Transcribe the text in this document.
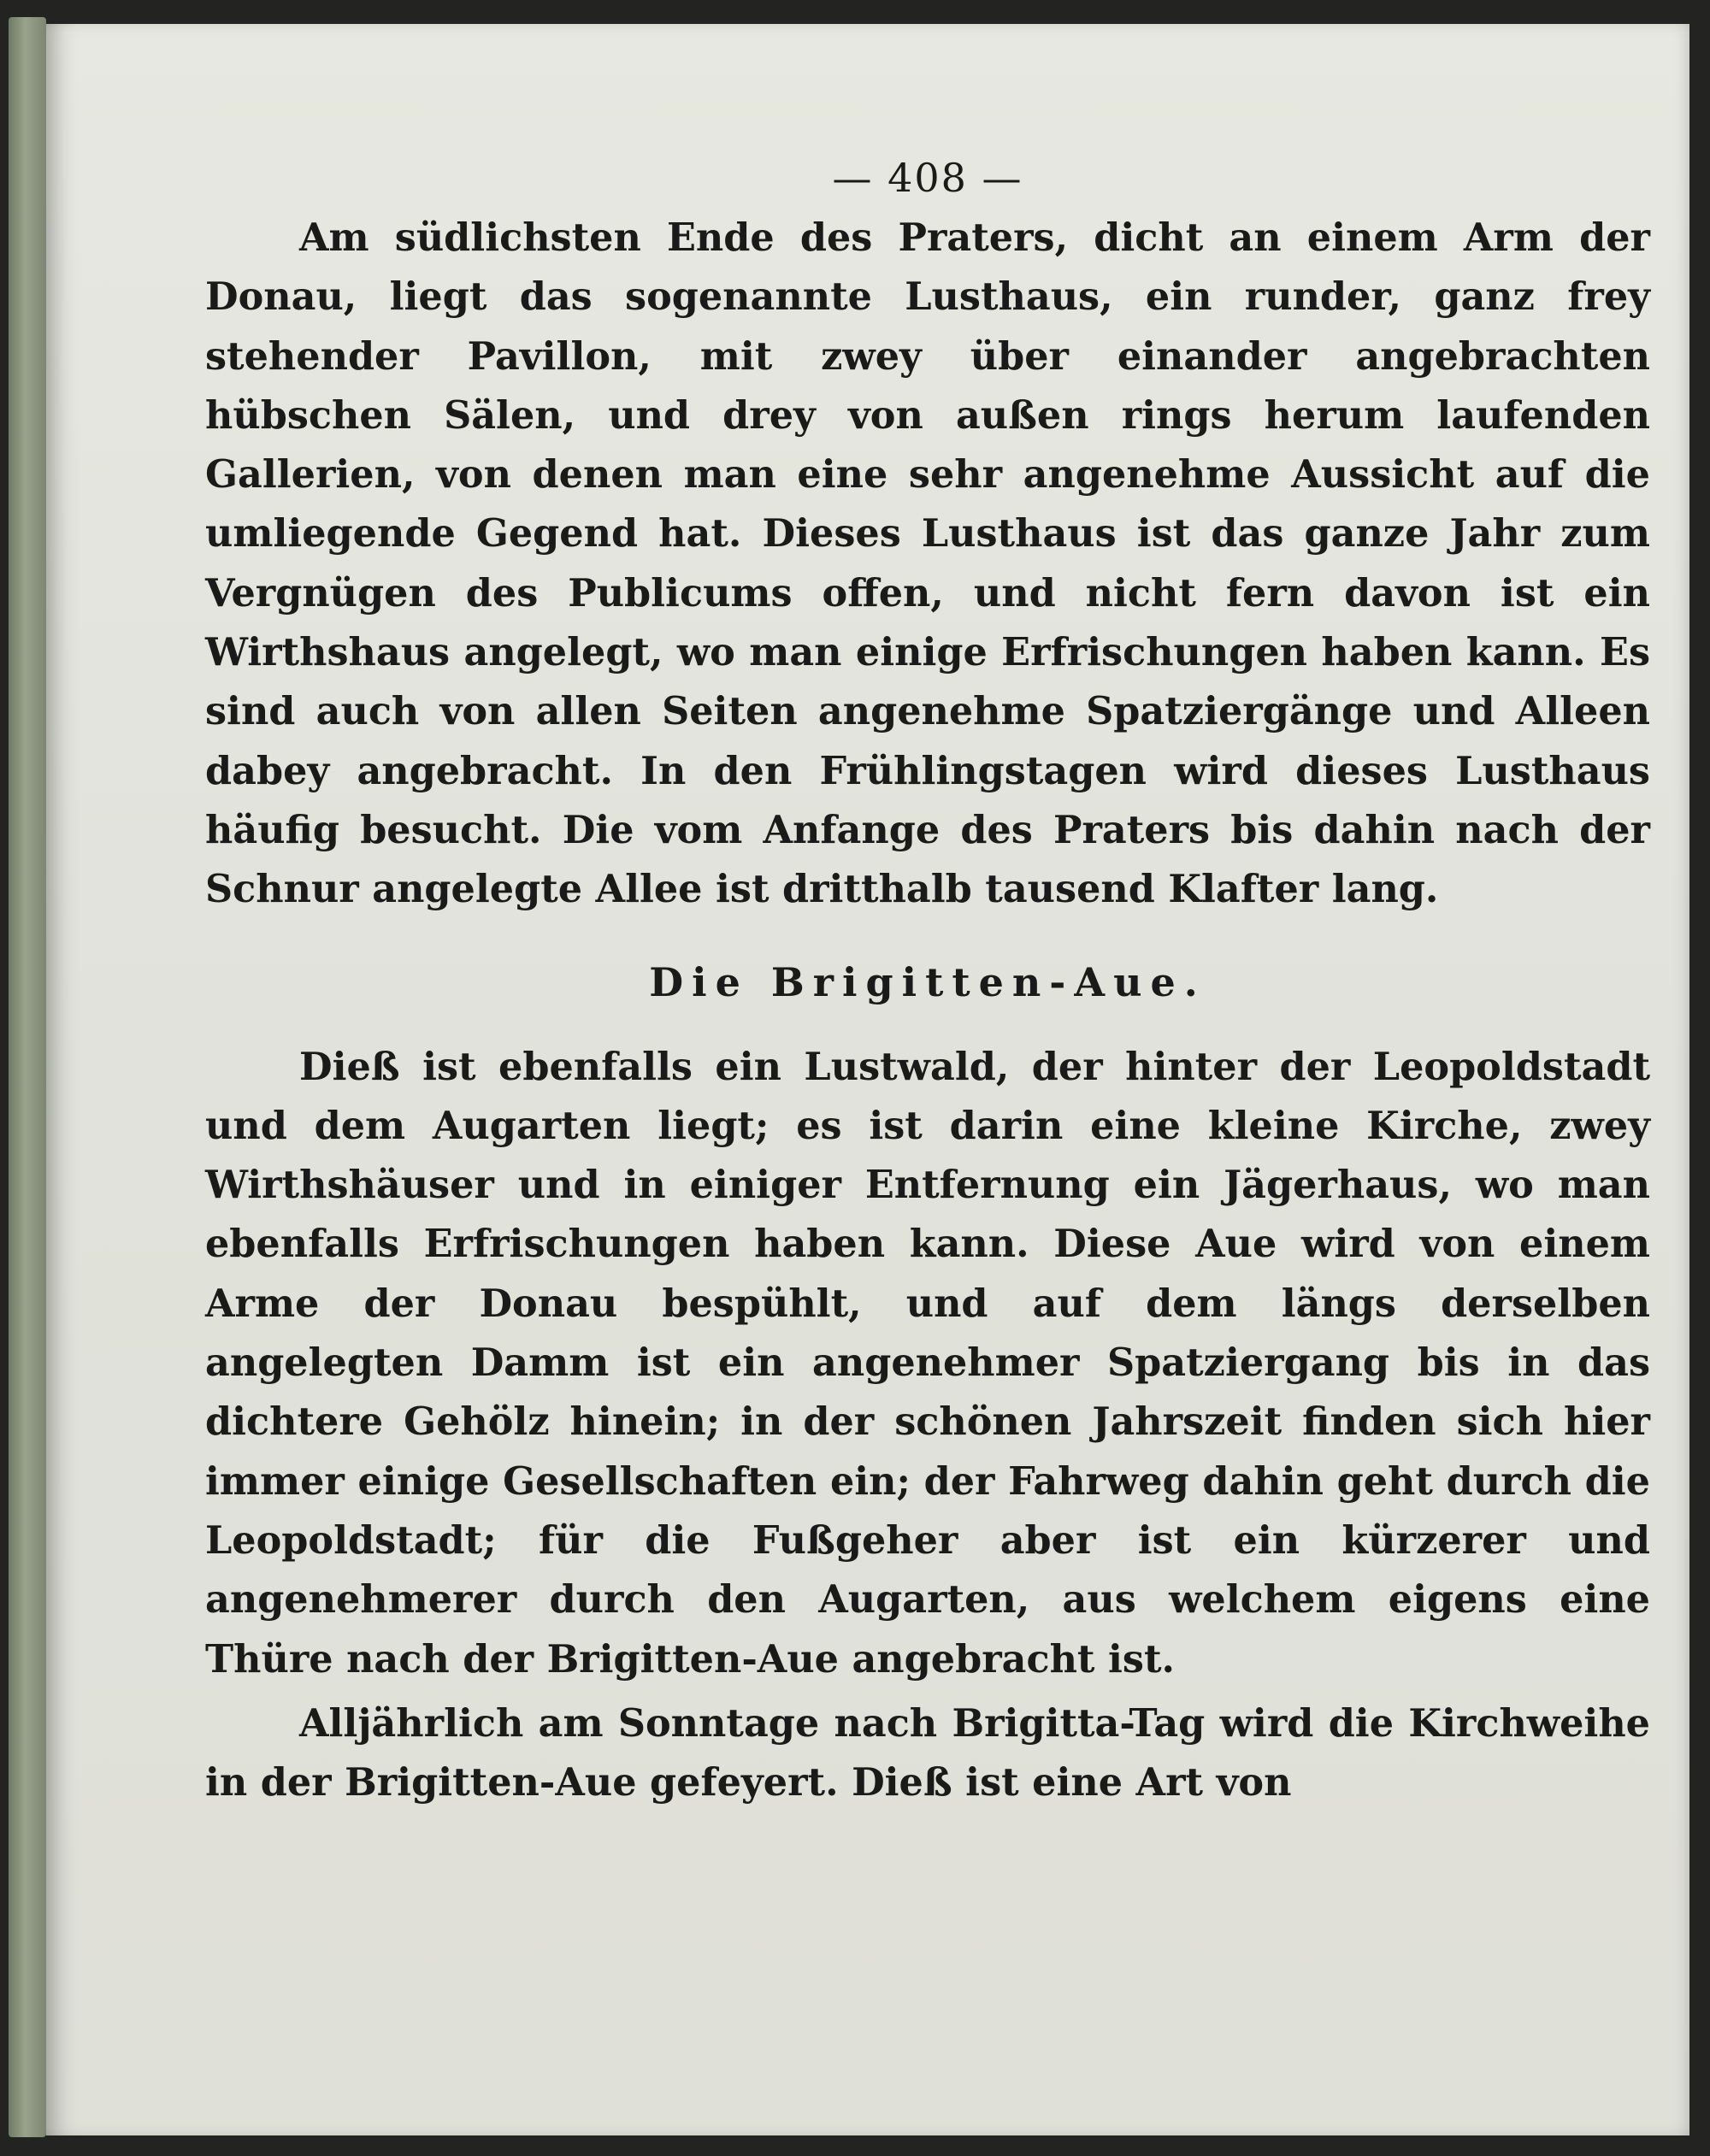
— 408 —

Am südlichsten Ende des Praters, dicht an einem Arm der Donau, liegt das sogenannte Lusthaus, ein runder, ganz frey stehender Pavillon, mit zwey über einander angebrachten hübschen Sälen, und drey von außen rings herum laufenden Gallerien, von denen man eine sehr angenehme Aussicht auf die umliegende Gegend hat. Dieses Lusthaus ist das ganze Jahr zum Vergnügen des Publicums offen, und nicht fern davon ist ein Wirthshaus angelegt, wo man einige Erfrischungen haben kann. Es sind auch von allen Seiten angenehme Spatziergänge und Alleen dabey angebracht. In den Frühlingstagen wird dieses Lusthaus häufig besucht. Die vom Anfange des Praters bis dahin nach der Schnur angelegte Allee ist dritthalb tausend Klafter lang.

Die Brigitten-Aue.

Dieß ist ebenfalls ein Lustwald, der hinter der Leopoldstadt und dem Augarten liegt; es ist darin eine kleine Kirche, zwey Wirthshäuser und in einiger Entfernung ein Jägerhaus, wo man ebenfalls Erfrischungen haben kann. Diese Aue wird von einem Arme der Donau bespühlt, und auf dem längs derselben angelegten Damm ist ein angenehmer Spatziergang bis in das dichtere Gehölz hinein; in der schönen Jahrszeit finden sich hier immer einige Gesellschaften ein; der Fahrweg dahin geht durch die Leopoldstadt; für die Fußgeher aber ist ein kürzerer und angenehmerer durch den Augarten, aus welchem eigens eine Thüre nach der Brigitten-Aue angebracht ist.

Alljährlich am Sonntage nach Brigitta-Tag wird die Kirchweihe in der Brigitten-Aue gefeyert. Dieß ist eine Art von
